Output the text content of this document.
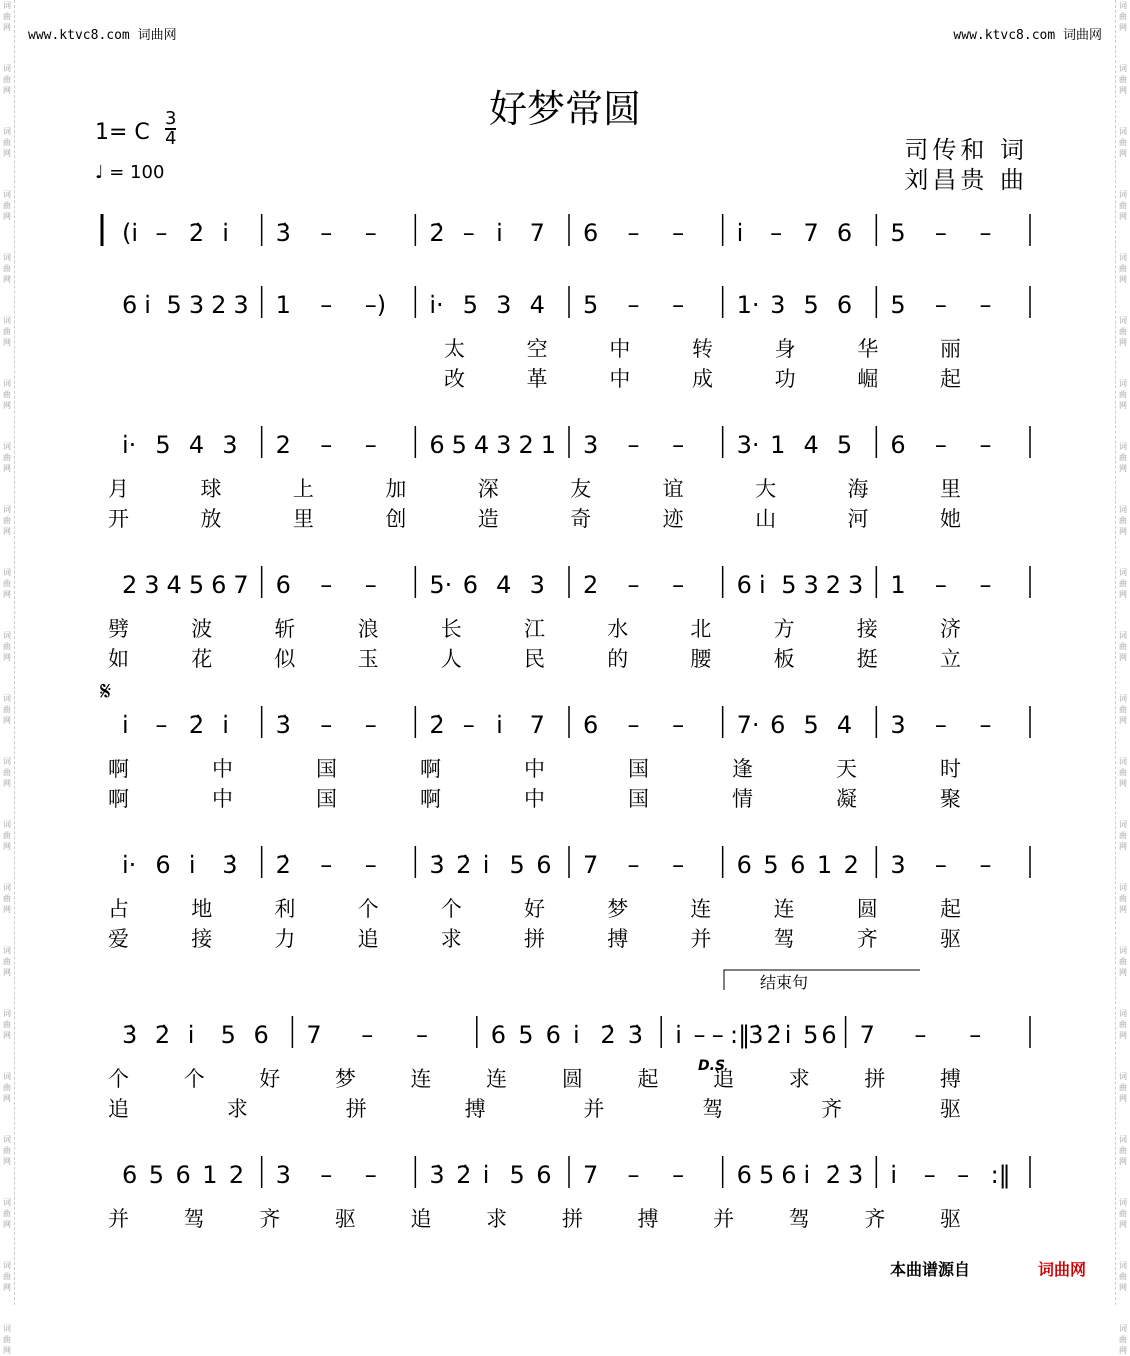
词曲网
词曲网
词曲网
词曲网
词曲网
词曲网
词曲网
词曲网
词曲网
词曲网
词曲网
词曲网
词曲网
词曲网
词曲网
词曲网
词曲网
词曲网
词曲网
词曲网
词曲网
词曲网
词曲网
词曲网
词曲网
词曲网
词曲网
词曲网
词曲网
词曲网
词曲网
词曲网
词曲网
词曲网
词曲网
词曲网
词曲网
词曲网
词曲网
词曲网
词曲网
词曲网
词曲网
词曲网
www.ktvc8.com 词曲网	www.ktvc8.com 词曲网
好梦常圆
1= C
3
4
♩ = 100
司传和 词
刘昌贵 曲
(i̇ – 2̇ i̇ 3̇ – – 2̇ – i̇ 7 6 – – i̇ – 7 6 5 – –
6 i̇ 5 3 2 3 1 – –) i̇· 5 3 4 5 – – 1· 3 5 6 5 – –
太	空	中	转	身	华	丽
改	革	中	成	功	崛	起
i̇· 5 4 3 2 – – 6 5 4 3 2 1 3 – – 3· 1 4 5 6 – –
月	球	上	加	深	友	谊	大	海	里
开	放	里	创	造	奇	迹	山	河	她
2 3 4 5 6 7 6 – – 5· 6 4 3 2 – – 6 i̇ 5 3 2 3 1 – –
劈	波	斩	浪	长	江	水	北	方	接	济
如	花	似	玉	人	民	的	腰	板	挺	立
i̇ – 2̇ i̇ 3̇ – – 2̇ – i̇ 7 6 – – 7· 6 5 4 3 – –
啊	中	国	啊	中	国	逢	天	时
啊	中	国	啊	中	国	情	凝	聚
i̇· 6 i̇ 3̇ 2̇ – – 3̇ 2̇ i̇ 5 6 7 – – 6 5 6 1 2 3 – –
占	地	利	个	个	好	梦	连	连	圆	起
爱	接	力	追	求	拼	搏	并	驾	齐	驱
3̇ 2̇ i̇ 5 6 7 – –	6 5 6 i̇ 2̇ 3̇ i̇ – – :‖
3̇ 2̇ i̇ 5 6 7 – –
个	个	好	梦	连	连	圆	起	追	求	拼	搏
追	求	拼	搏	并	驾	齐	驱
6 5 6 1 2 3 – – 3̇ 2̇ i̇ 5 6 7 – – 6 5 6 i̇ 2̇ 3̇ i̇ – – :‖
并	驾	齐	驱	追	求	拼	搏	并	驾	齐	驱
𝄋
结束句
D.S
本曲谱源自	词曲网
